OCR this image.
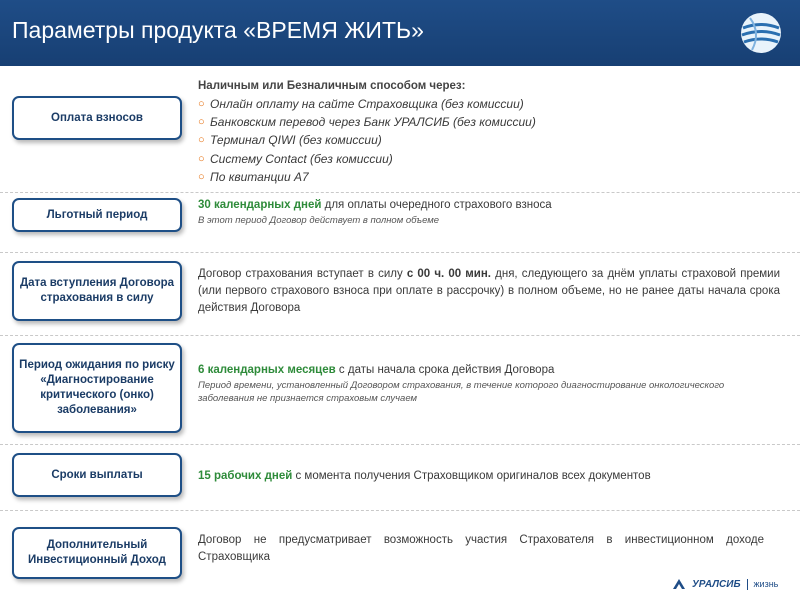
Параметры продукта «ВРЕМЯ ЖИТЬ»
Оплата взносов
Наличным или Безналичным способом через:
○ Онлайн оплату на сайте Страховщика (без комиссии)
○ Банковским перевод через Банк УРАЛСИБ (без комиссии)
○ Терминал QIWI (без комиссии)
○ Систему Contact (без комиссии)
○ По квитанции А7
Льготный период
30 календарных дней для оплаты очередного страхового взноса
В этот период Договор действует в полном объеме
Дата вступления Договора страхования в силу
Договор страхования вступает в силу с 00 ч. 00 мин. дня, следующего за днём уплаты страховой премии (или первого страхового взноса при оплате в рассрочку) в полном объеме, но не ранее даты начала срока действия Договора
Период ожидания по риску «Диагностирование критического (онко) заболевания»
6 календарных месяцев с даты начала срока действия Договора
Период времени, установленный Договором страхования, в течение которого диагностирование онкологического заболевания не признается страховым случаем
Сроки выплаты	15 рабочих дней с момента получения Страховщиком оригиналов всех документов
Дополнительный Инвестиционный Доход
Договор не предусматривает возможность участия Страхователя в инвестиционном доходе Страховщика
УРАЛСИБ жизнь
